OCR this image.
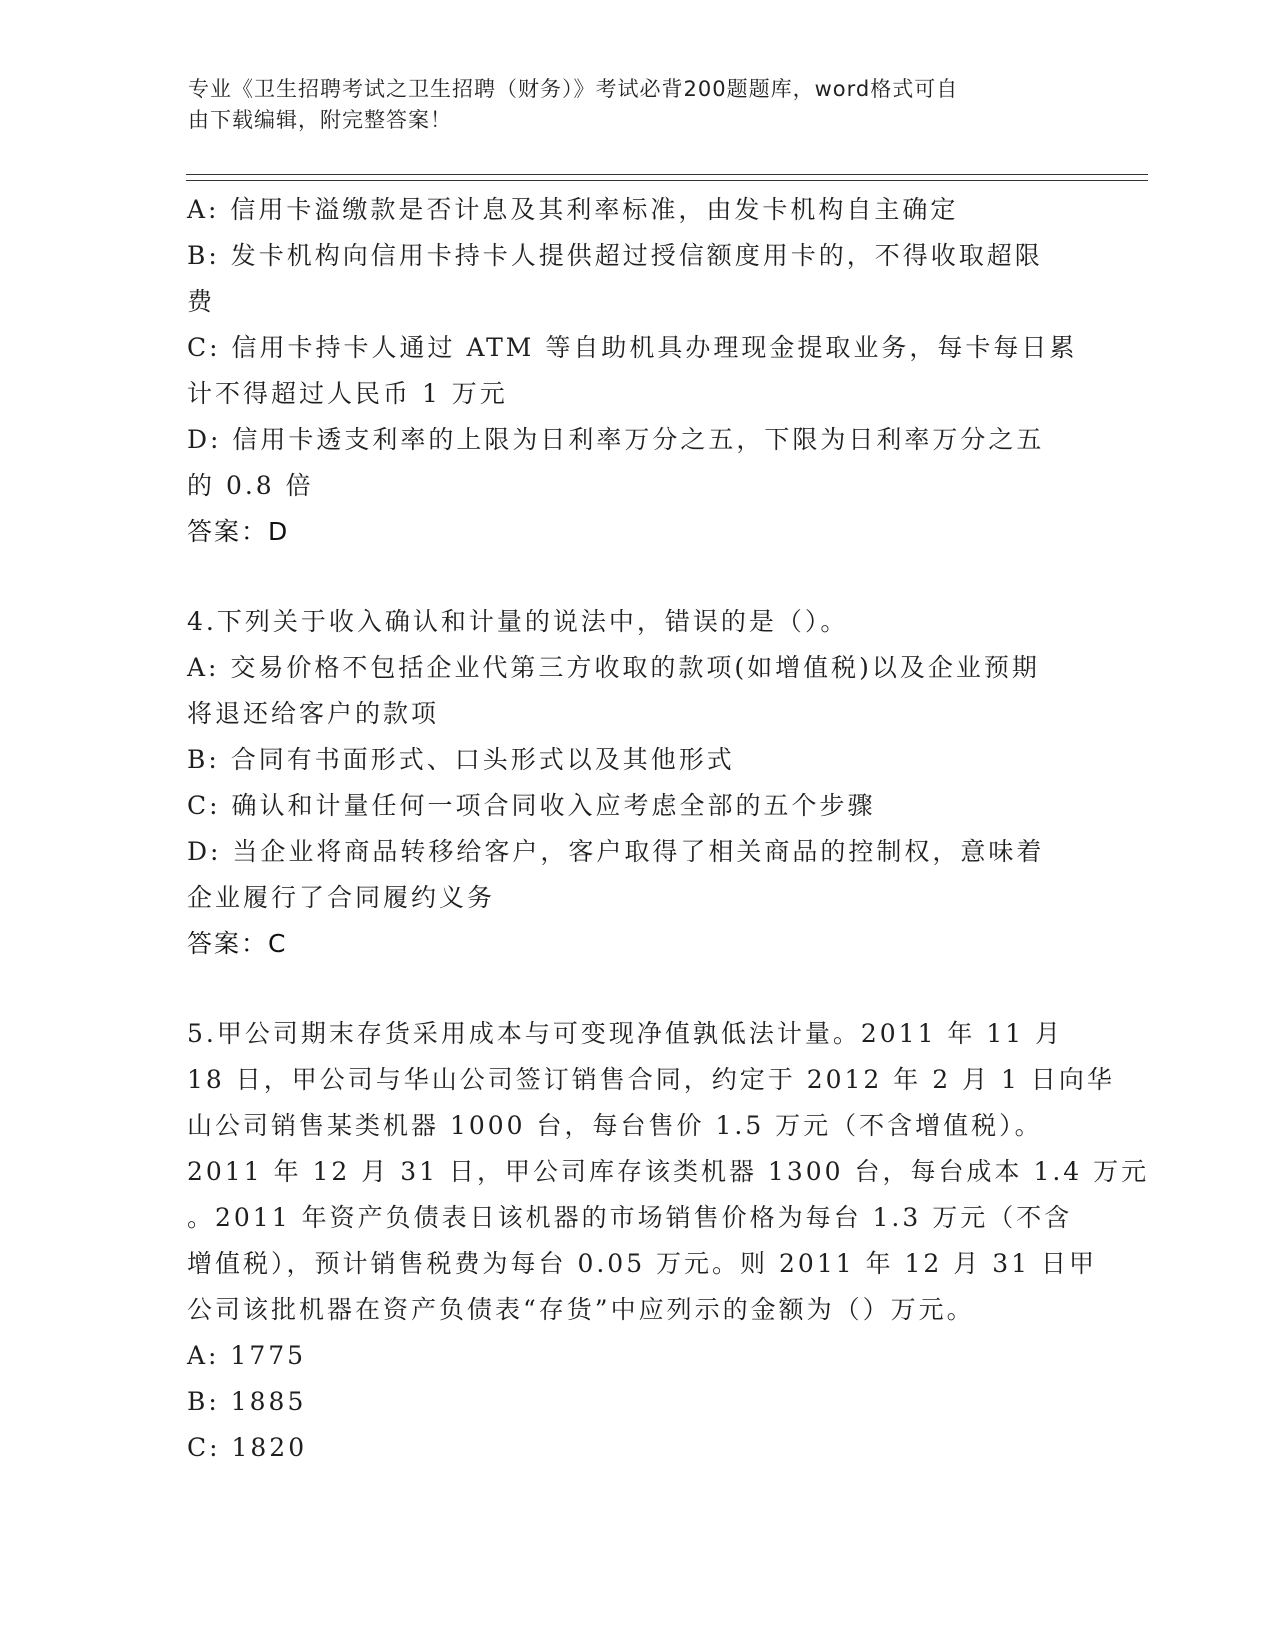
专业《卫生招聘考试之卫生招聘（财务）》考试必背200题题库，word格式可自
由下载编辑，附完整答案！

A: 信用卡溢缴款是否计息及其利率标准，由发卡机构自主确定

B: 发卡机构向信用卡持卡人提供超过授信额度用卡的，不得收取超限

费

C: 信用卡持卡人通过 ATM 等自助机具办理现金提取业务，每卡每日累

计不得超过人民币 1 万元

D: 信用卡透支利率的上限为日利率万分之五，下限为日利率万分之五

的 0.8 倍

答案：D

4.下列关于收入确认和计量的说法中，错误的是（）。

A: 交易价格不包括企业代第三方收取的款项(如增值税)以及企业预期

将退还给客户的款项

B: 合同有书面形式、口头形式以及其他形式

C: 确认和计量任何一项合同收入应考虑全部的五个步骤

D: 当企业将商品转移给客户，客户取得了相关商品的控制权，意味着

企业履行了合同履约义务

答案：C

5.甲公司期末存货采用成本与可变现净值孰低法计量。2011 年 11 月

18 日，甲公司与华山公司签订销售合同，约定于 2012 年 2 月 1 日向华

山公司销售某类机器 1000 台，每台售价 1.5 万元（不含增值税）。

2011 年 12 月 31 日，甲公司库存该类机器 1300 台，每台成本 1.4 万元

。2011 年资产负债表日该机器的市场销售价格为每台 1.3 万元（不含

增值税），预计销售税费为每台 0.05 万元。则 2011 年 12 月 31 日甲

公司该批机器在资产负债表“存货”中应列示的金额为（）万元。

A: 1775

B: 1885

C: 1820
